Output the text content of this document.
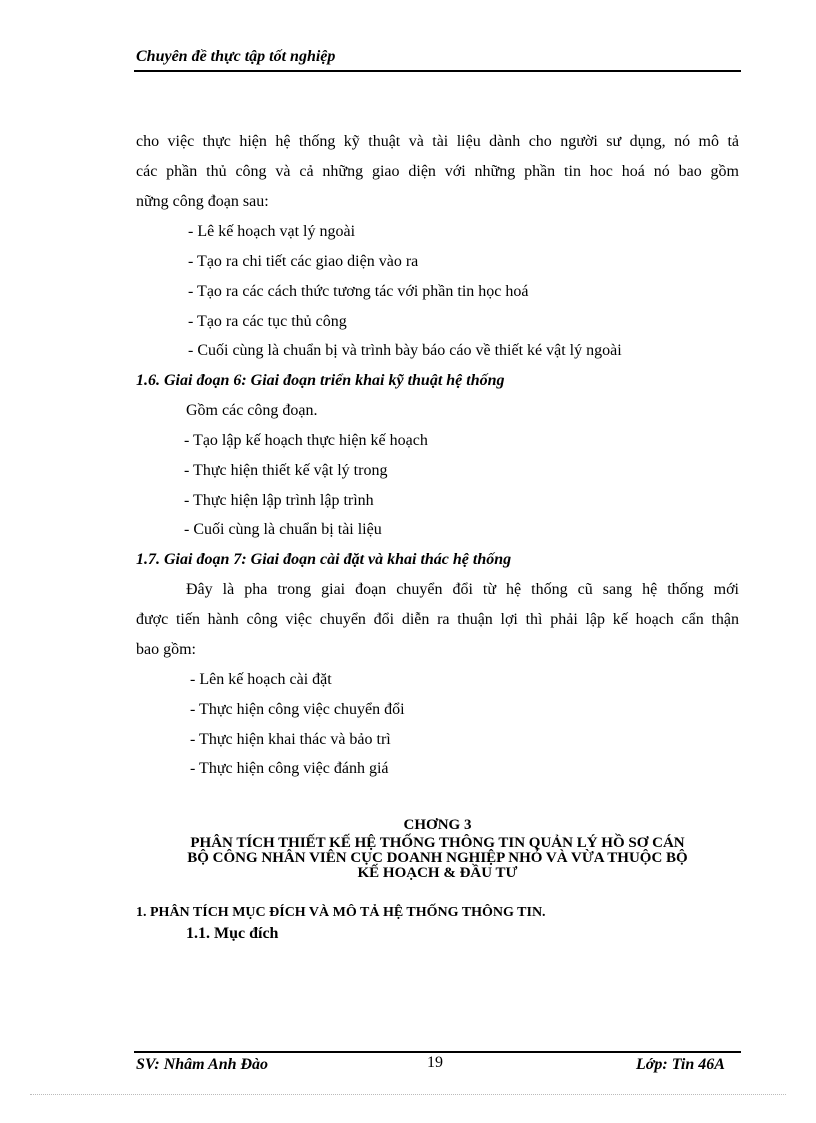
Chuyên đề thực tập tốt nghiệp
cho việc thực hiện hệ thống kỹ thuật và tài liệu dành cho người sư dụng, nó mô tả
các phần thủ công và cả những giao diện với những phần tin hoc hoá nó bao gồm
nững công đoạn sau:
- Lê kế hoạch vạt lý ngoài
- Tạo ra chi tiết các giao diện vào ra
- Tạo ra các cách thức tương tác với phần tin học hoá
- Tạo ra các tục thủ công
- Cuối cùng là chuẩn bị và trình bày báo cáo về thiết ké vật lý ngoài
1.6. Giai đoạn 6: Giai đoạn triển khai kỹ thuật hệ thống
Gồm các công đoạn.
- Tạo lập kế hoạch thực hiện kế hoạch
- Thực hiện thiết kế vật lý trong
- Thực hiện lập trình lập trình
- Cuối cùng là chuẩn bị tài liệu
1.7. Giai đoạn 7: Giai đoạn cài đặt và khai thác hệ thống
Đây là pha trong giai đoạn chuyển đổi từ hệ thống cũ sang hệ thống mới
được tiến hành công việc chuyển đổi diễn ra thuận lợi thì phải lập kế hoạch cẩn thận
bao gồm:
- Lên kế hoạch cài đặt
- Thực hiện công việc chuyển đổi
- Thực hiện khai thác và bảo trì
- Thực hiện công việc đánh giá
CHƠNG 3
PHÂN TÍCH THIẾT KẾ HỆ THỐNG THÔNG TIN QUẢN LÝ HỒ SƠ CÁN
BỘ CÔNG NHÂN VIÊN CỤC DOANH NGHIỆP NHỎ VÀ VỪA THUỘC BỘ
KẾ HOẠCH & ĐẦU TƯ
1. PHÂN TÍCH MỤC ĐÍCH VÀ MÔ TẢ HỆ THỐNG THÔNG TIN.
1.1. Mục đích
SV: Nhâm Anh Đào	19	Lớp: Tin 46A
